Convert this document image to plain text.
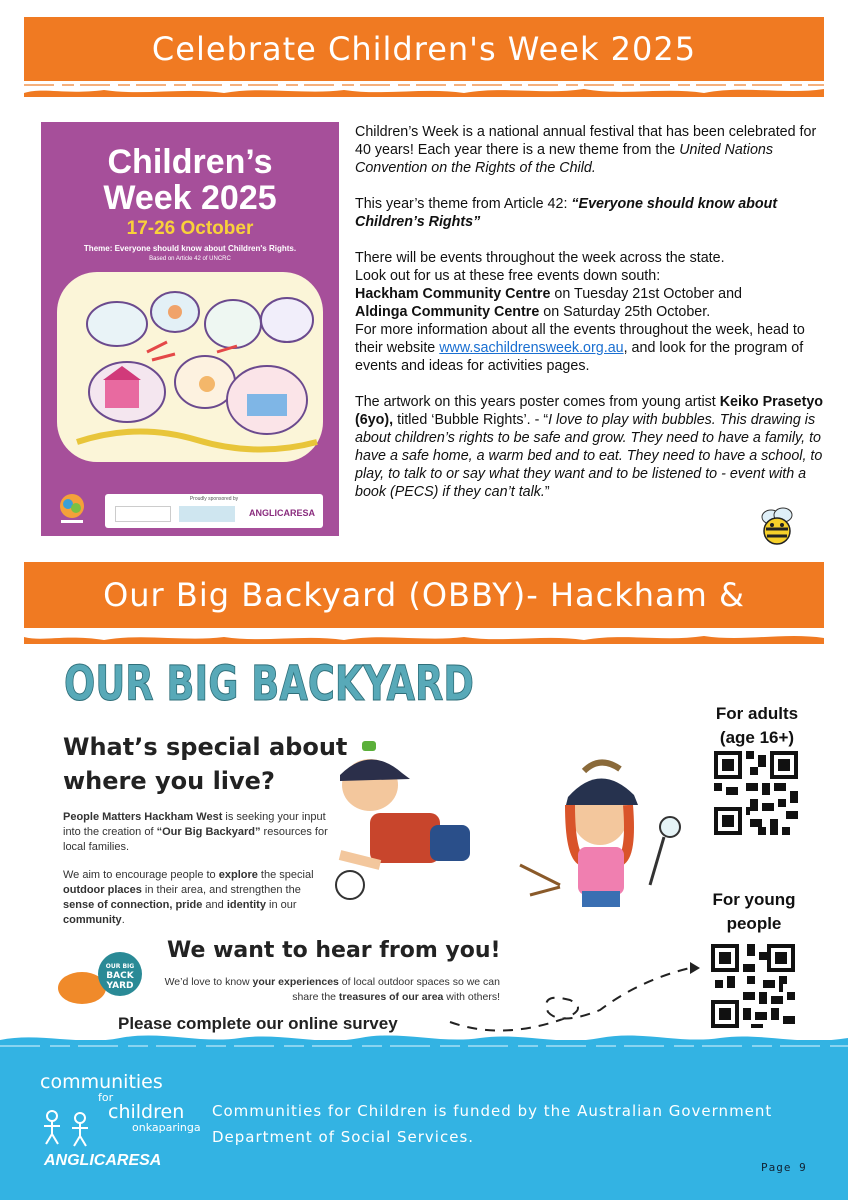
Celebrate Children's Week 2025
Children’s
Week 2025
17-26 October
Theme: Everyone should know about Children's Rights.
Based on Article 42 of UNCRC
Proudly sponsored by
ANGLICARESA

Children’s Week is a national annual festival that has been celebrated for 40 years! Each year there is a new theme from the United Nations Convention on the Rights of the Child.

This year’s theme from Article 42: “Everyone should know about Children’s Rights”

There will be events throughout the week across the state.
Look out for us at these free events down south:
Hackham Community Centre on Tuesday 21st October and
Aldinga Community Centre on Saturday 25th October.
For more information about all the events throughout the week, head to their website www.sachildrensweek.org.au, and look for the program of events and ideas for activities pages.

The artwork on this years poster comes from young artist Keiko Prasetyo (6yo), titled ‘Bubble Rights’. - “I love to play with bubbles. This drawing is about children’s rights to be safe and grow. They need to have a family, to have a safe home, a warm bed and to eat. They need to have a school, to play, to talk to or say what they want and to be listened to - event with a book (PECS) if they can’t talk.”

Our Big Backyard (OBBY)- Hackham & surrounds
OUR BIG BACKYARD
What’s special about where you live?
People Matters Hackham West is seeking your input into the creation of “Our Big Backyard” resources for local families.
We aim to encourage people to explore the special outdoor places in their area, and strengthen the sense of connection, pride and identity in our community.
OUR BIG
BACK
YARD
We want to hear from you!
We’d love to know your experiences of local outdoor spaces so we can share the treasures of our area with others!
Please complete our online survey
For adults (age 16+)
For young people
communities
for
children
onkaparinga
ANGLICARESA
Communities for Children is funded by the Australian Government
Department of Social Services.
Page 9
